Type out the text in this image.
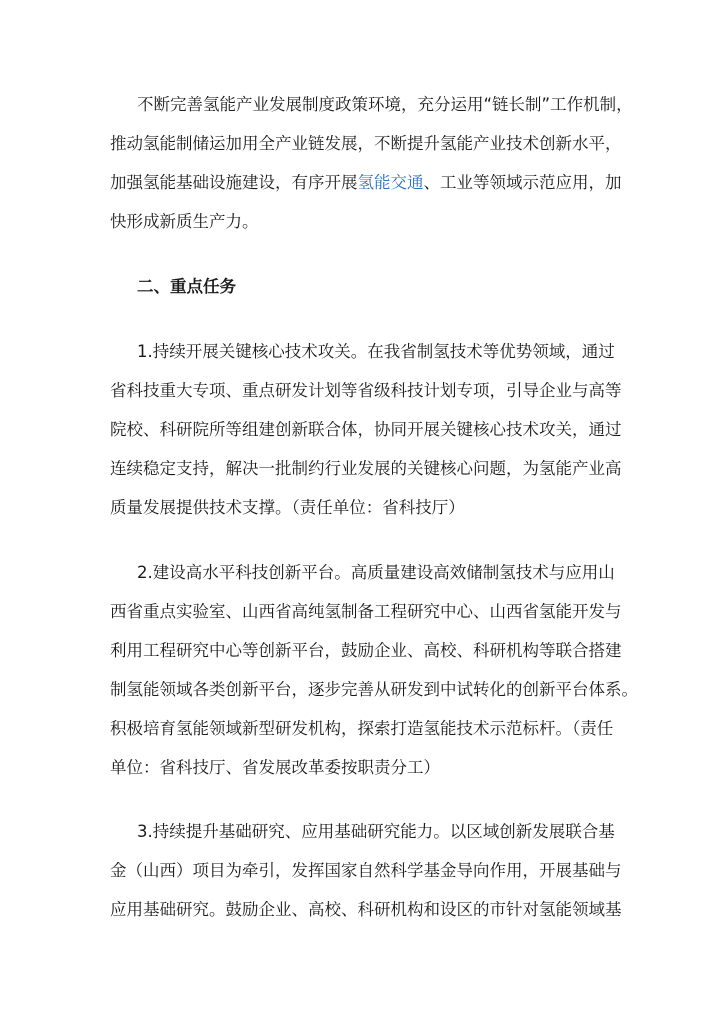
不断完善氢能产业发展制度政策环境，充分运用“链长制”工作机制，
推动氢能制储运加用全产业链发展，不断提升氢能产业技术创新水平，
加强氢能基础设施建设，有序开展氢能交通、工业等领域示范应用，加
快形成新质生产力。
二、重点任务
1.持续开展关键核心技术攻关。在我省制氢技术等优势领域，通过
省科技重大专项、重点研发计划等省级科技计划专项，引导企业与高等
院校、科研院所等组建创新联合体，协同开展关键核心技术攻关，通过
连续稳定支持，解决一批制约行业发展的关键核心问题，为氢能产业高
质量发展提供技术支撑。（责任单位：省科技厅）
2.建设高水平科技创新平台。高质量建设高效储制氢技术与应用山
西省重点实验室、山西省高纯氢制备工程研究中心、山西省氢能开发与
利用工程研究中心等创新平台，鼓励企业、高校、科研机构等联合搭建
制氢能领域各类创新平台，逐步完善从研发到中试转化的创新平台体系。
积极培育氢能领域新型研发机构，探索打造氢能技术示范标杆。（责任
单位：省科技厅、省发展改革委按职责分工）
3.持续提升基础研究、应用基础研究能力。以区域创新发展联合基
金（山西）项目为牵引，发挥国家自然科学基金导向作用，开展基础与
应用基础研究。鼓励企业、高校、科研机构和设区的市针对氢能领域基
